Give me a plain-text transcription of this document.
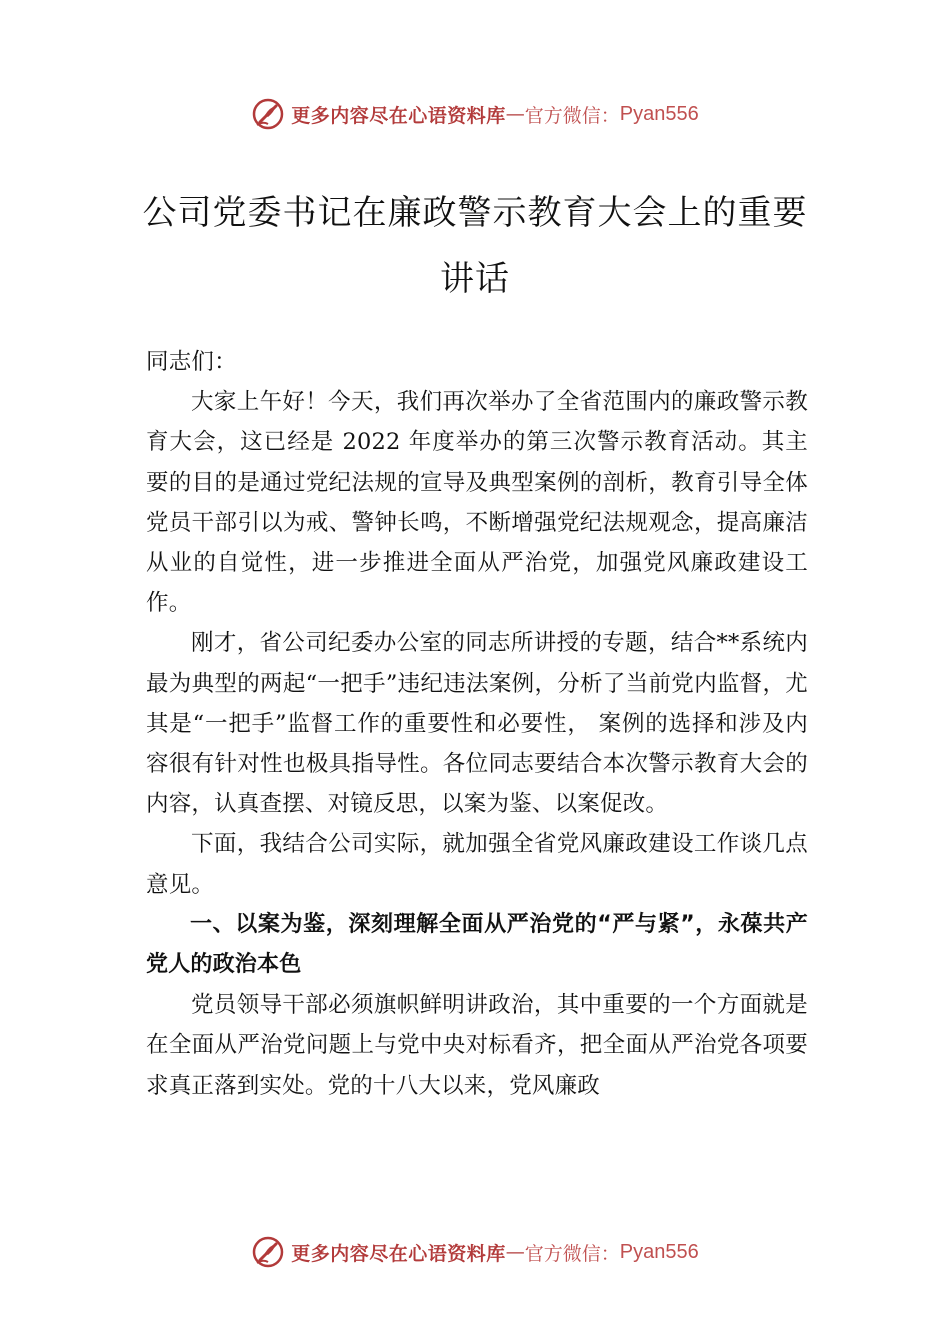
更多内容尽在心语资料库 — 官方微信： Pyan556
公司党委书记在廉政警示教育大会上的重要讲话

同志们：

大家上午好！今天，我们再次举办了全省范围内的廉政警示教育大会，这已经是 2022 年度举办的第三次警示教育活动。其主要的目的是通过党纪法规的宣导及典型案例的剖析，教育引导全体党员干部引以为戒、警钟长鸣，不断增强党纪法规观念，提高廉洁从业的自觉性，进一步推进全面从严治党，加强党风廉政建设工作。

刚才，省公司纪委办公室的同志所讲授的专题，结合**系统内最为典型的两起“一把手”违纪违法案例，分析了当前党内监督，尤其是“一把手”监督工作的重要性和必要性， 案例的选择和涉及内容很有针对性也极具指导性。各位同志要结合本次警示教育大会的内容，认真查摆、对镜反思，以案为鉴、以案促改。

下面，我结合公司实际，就加强全省党风廉政建设工作谈几点意见。

一、以案为鉴，深刻理解全面从严治党的“严与紧”，永葆共产党人的政治本色

党员领导干部必须旗帜鲜明讲政治，其中重要的一个方面就是在全面从严治党问题上与党中央对标看齐，把全面从严治党各项要求真正落到实处。党的十八大以来，党风廉政

更多内容尽在心语资料库 — 官方微信： Pyan556
